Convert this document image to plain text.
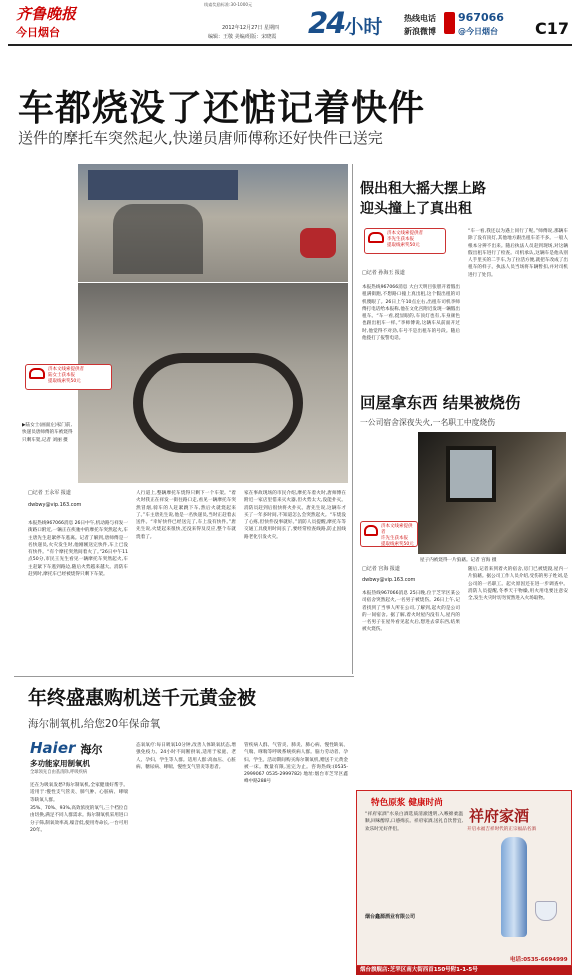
齐鲁晚报
今日烟台
线索奖励标准:30-1000元
2012年12月27日 星期四
编辑：王敬 美编/组版：宋晓霞 24小时	热线电话
新浪微博
967066
@今日烟台 C17
车都烧没了还惦记着快件
送件的摩托车突然起火,快递员唐师傅称还好快件已送完
济本文线索提供者
陆女士获本报
提取线索奖50元
▶陆女士(画面左)家门前,快递员唐师傅的车被烧得只剩车架,记者 刘丽 摄
□记者 王永军 报道
dwbwy@vip.163.com
本报热线967066消息 26日中午,机动路与祥发一街路口附近,一辆正在疾驰中的摩托车突然起火,车主唐先生赶紧停车逃离。记者了解到,唐师傅是一名快递员,火灾发生时,他刚刚送完快件,车上已没有快件。“有个摩托突然间着火了。”26日中午11点50分,市民王先生看见一辆摩托车突然起火,车主赶紧下车逃到路边,随后火势越来越大。消防车赶到时,摩托车已经被烧得只剩下车架。
人行道上,整辆摩托车烧得只剩下一个车架。“着火时我正在祥发一街往路口走,看见一辆摩托车突然冒烟,骑车的人赶紧跳下车,然后火就烧起来了。”车主唐先生说,他是一名快递员,当时正赶着去送件。“幸好快件已经送完了,车上没有快件。”唐先生说,火烧起来很快,还没来得及反应,整个车就烧着了。
家在事故现场的市民介绍,摩托车着火时,唐师傅在附近一家店里借来灭火器,但火势太大,没能扑灭。消防员赶到后很快将火扑灭。唐先生说,这辆车才买了一年多时间,不知道怎么会突然起火。“车烧没了心疼,但快件没事就好。”消防人员提醒,摩托车等交通工具使用时间长了,要经常检查线路,防止因线路老化引发火灾。
假出租大摇大摆上路
迎头撞上了真出租
济本文线索提供者
李先生获本报
提取线索奖50元
□记者 孙海玉 报道
本报热线967066消息 大白天明目张胆开着假出租满街跑,不想路口撞上真出租,这个假出租的司机傻眼了。26日上午10点左右,出租车司机李师傅打电话给本报称,他在文化宫附近发现一辆假出租车。“车一看,挺显眼的,车顶灯也有,车身颜色也跟出租车一样。”李师傅说,这辆车从前面开过时,他觉得不对劲,车号不是出租车的号段。随后他拨打了报警电话。
“车一看,我还以为遇上同行了呢。”师傅说,那辆车除了没有顶灯,其他地方跟出租车差不多。一般人根本分辨不出来。随后执法人员赶到现场,对这辆假出租车进行了检查。司机承认,这辆车是他从别人手里买的二手车,为了拉活方便,就把车改成了出租车的样子。执法人员当场将车辆暂扣,并对司机进行了处罚。
回屋拿东西 结果被烧伤
一公司宿舍深夜失火,一名职工中度烧伤
济本文线索提供者
许先生获本报
提取线索奖50元
屋子内被烧得一片狼藉。记者 宫海 摄
□记者 宫海 报道
dwbwy@vip.163.com
本报热线967066消息 25日晚,位于芝罘区某公司宿舍突然起火,一名男子被烧伤。26日上午,记者找到了当事人所在公司,了解到,起火的是公司的一间宿舍。据了解,着火时屋内没有人,屋内的一名男子在屋外看见起火后,想进去拿东西,结果被火烧伤。
随后,记者来到着火的宿舍,房门已被烧毁,屋内一片狼藉。据公司工作人员介绍,受伤的男子姓刘,是公司的一名职工。起火原因还在进一步调查中。消防人员提醒,冬季天干物燥,用火用电要注意安全,发生火灾时切勿贸然进入火场取物。
年终盛惠购机送千元黄金被
海尔制氧机,给您20年保命氧
Haier 海尔
多功能家用制氧机
全球领先自由基清除,呼吸疾病
还在为吸氧发愁?海尔制氧机,全家健康好帮手。适用于:慢性支气管炎、肺气肿、心脏病、哮喘等缺氧人群。
35%、70%、93%,高效浓度的氧气,三个档位自由切换,满足不同人群需求。海尔制氧机采用进口分子筛,制氧效率高,噪音低,使用寿命长,一台可用20年。
态氧氧疗:每日吸氧10分钟,改善人体缺氧状态,增强免疫力。24小时不间断供氧,适用于家庭、老人、孕妇、学生等人群。适用人群:高血压、心脏病、糖尿病、哮喘、慢性支气管炎等患者。
管疾病人群、气管炎、肺炎、肺心病、慢性缺氧、气喘、哮喘等呼吸系统疾病人群。脑力劳动者、孕妇、学生。活动期间购买海尔制氧机,赠送千元黄金被一床。数量有限,送完为止。咨询热线:(0535-2999067 0535-2999782) 地址:烟台市芝罘区鑫峰中路288号
特色原浆 健康时尚
祥府家酒
开启永福吉祥时代的正宗福品名酒
“祥府家酒”水泉白酒选质清澈透明,入喉绵柔温顺,回味醇厚,口感绵长。祥府家酒,送礼自饮皆宜,欢乐时光好伴侣。
烟台鑫源酒业有限公司
烟台旗舰店:芝罘区南大街西首150号附1-1-5号
电话:0535-6694999
